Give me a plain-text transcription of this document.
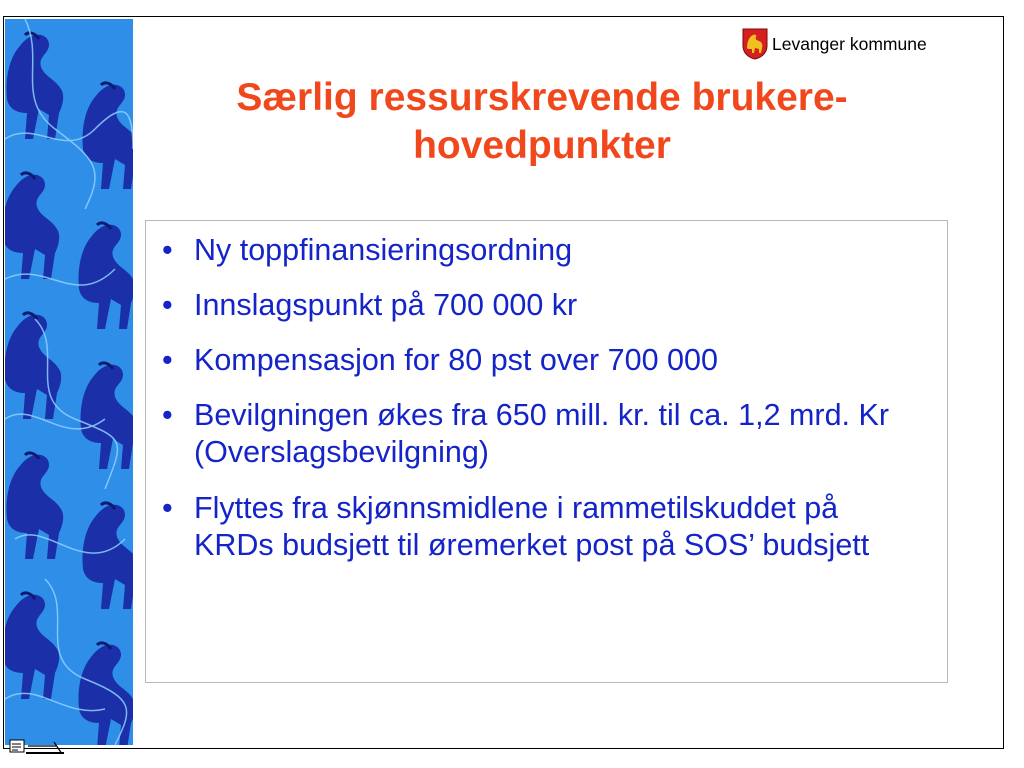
Levanger kommune
Særlig ressurskrevende brukere-
hovedpunkter
• Ny toppfinansieringsordning
• Innslagspunkt på 700 000 kr
• Kompensasjon for 80 pst over 700 000
• Bevilgningen økes fra 650 mill. kr. til ca. 1,2 mrd. Kr (Overslagsbevilgning)
• Flyttes fra skjønnsmidlene i rammetilskuddet på KRDs budsjett til øremerket post på SOS’ budsjett
